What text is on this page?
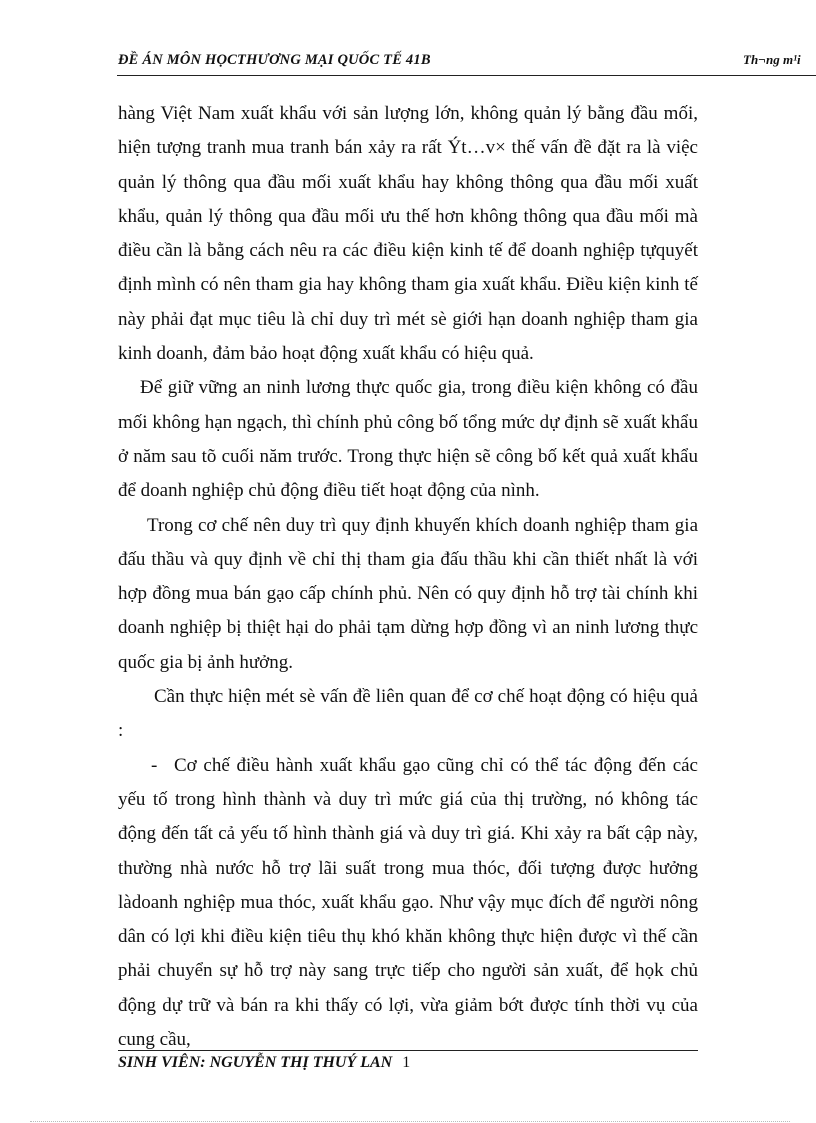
ĐỀ ÁN MÔN HỌCTHƯƠNG MẠI QUỐC TẾ 41B	Th¬ng m¹i

hàng Việt Nam xuất khẩu với sản lượng lớn, không quản lý bằng đầu mối, hiện tượng tranh mua tranh bán xảy ra rất Ýt…v× thế vấn đề đặt ra là việc quản lý thông qua đầu mối xuất khẩu hay không thông qua đầu mối xuất khẩu, quản lý thông qua đầu mối ưu thế hơn không thông qua đầu mối mà điều cần là bằng cách nêu ra các điều kiện kinh tế để doanh nghiệp tựquyết định mình có nên tham gia hay không tham gia xuất khẩu. Điều kiện kinh tế này phải đạt mục tiêu là chỉ duy trì mét sè giới hạn doanh nghiệp tham gia kinh doanh, đảm bảo hoạt động xuất khẩu có hiệu quả.

Để giữ vững an ninh lương thực quốc gia, trong điều kiện không có đầu mối không hạn ngạch, thì chính phủ công bố tổng mức dự định sẽ xuất khẩu ở năm sau tõ cuối năm trước. Trong thực hiện sẽ công bố kết quả xuất khẩu để doanh nghiệp chủ động điều tiết hoạt động của nình.

Trong cơ chế nên duy trì quy định khuyến khích doanh nghiệp tham gia đấu thầu và quy định về chỉ thị tham gia đấu thầu khi cần thiết nhất là với hợp đồng mua bán gạo cấp chính phủ. Nên có quy định hỗ trợ tài chính khi doanh nghiệp bị thiệt hại do phải tạm dừng hợp đồng vì an ninh lương thực quốc gia bị ảnh hưởng.

Cần thực hiện mét sè vấn đề liên quan để cơ chế hoạt động có hiệu quả :

- Cơ chế điều hành xuất khẩu gạo cũng chỉ có thể tác động đến các yếu tố trong hình thành và duy trì mức giá của thị trường, nó không tác động đến tất cả yếu tố hình thành giá và duy trì giá. Khi xảy ra bất cập này, thường nhà nước hỗ trợ lãi suất trong mua thóc, đối tượng được hưởng làdoanh nghiệp mua thóc, xuất khẩu gạo. Như vậy mục đích để người nông dân có lợi khi điều kiện tiêu thụ khó khăn không thực hiện được vì thế cần phải chuyển sự hỗ trợ này sang trực tiếp cho người sản xuất, để họk chủ động dự trữ và bán ra khi thấy có lợi, vừa giảm bớt được tính thời vụ của cung cầu,

SINH VIÊN: NGUYỄN THỊ THUÝ LAN 1
